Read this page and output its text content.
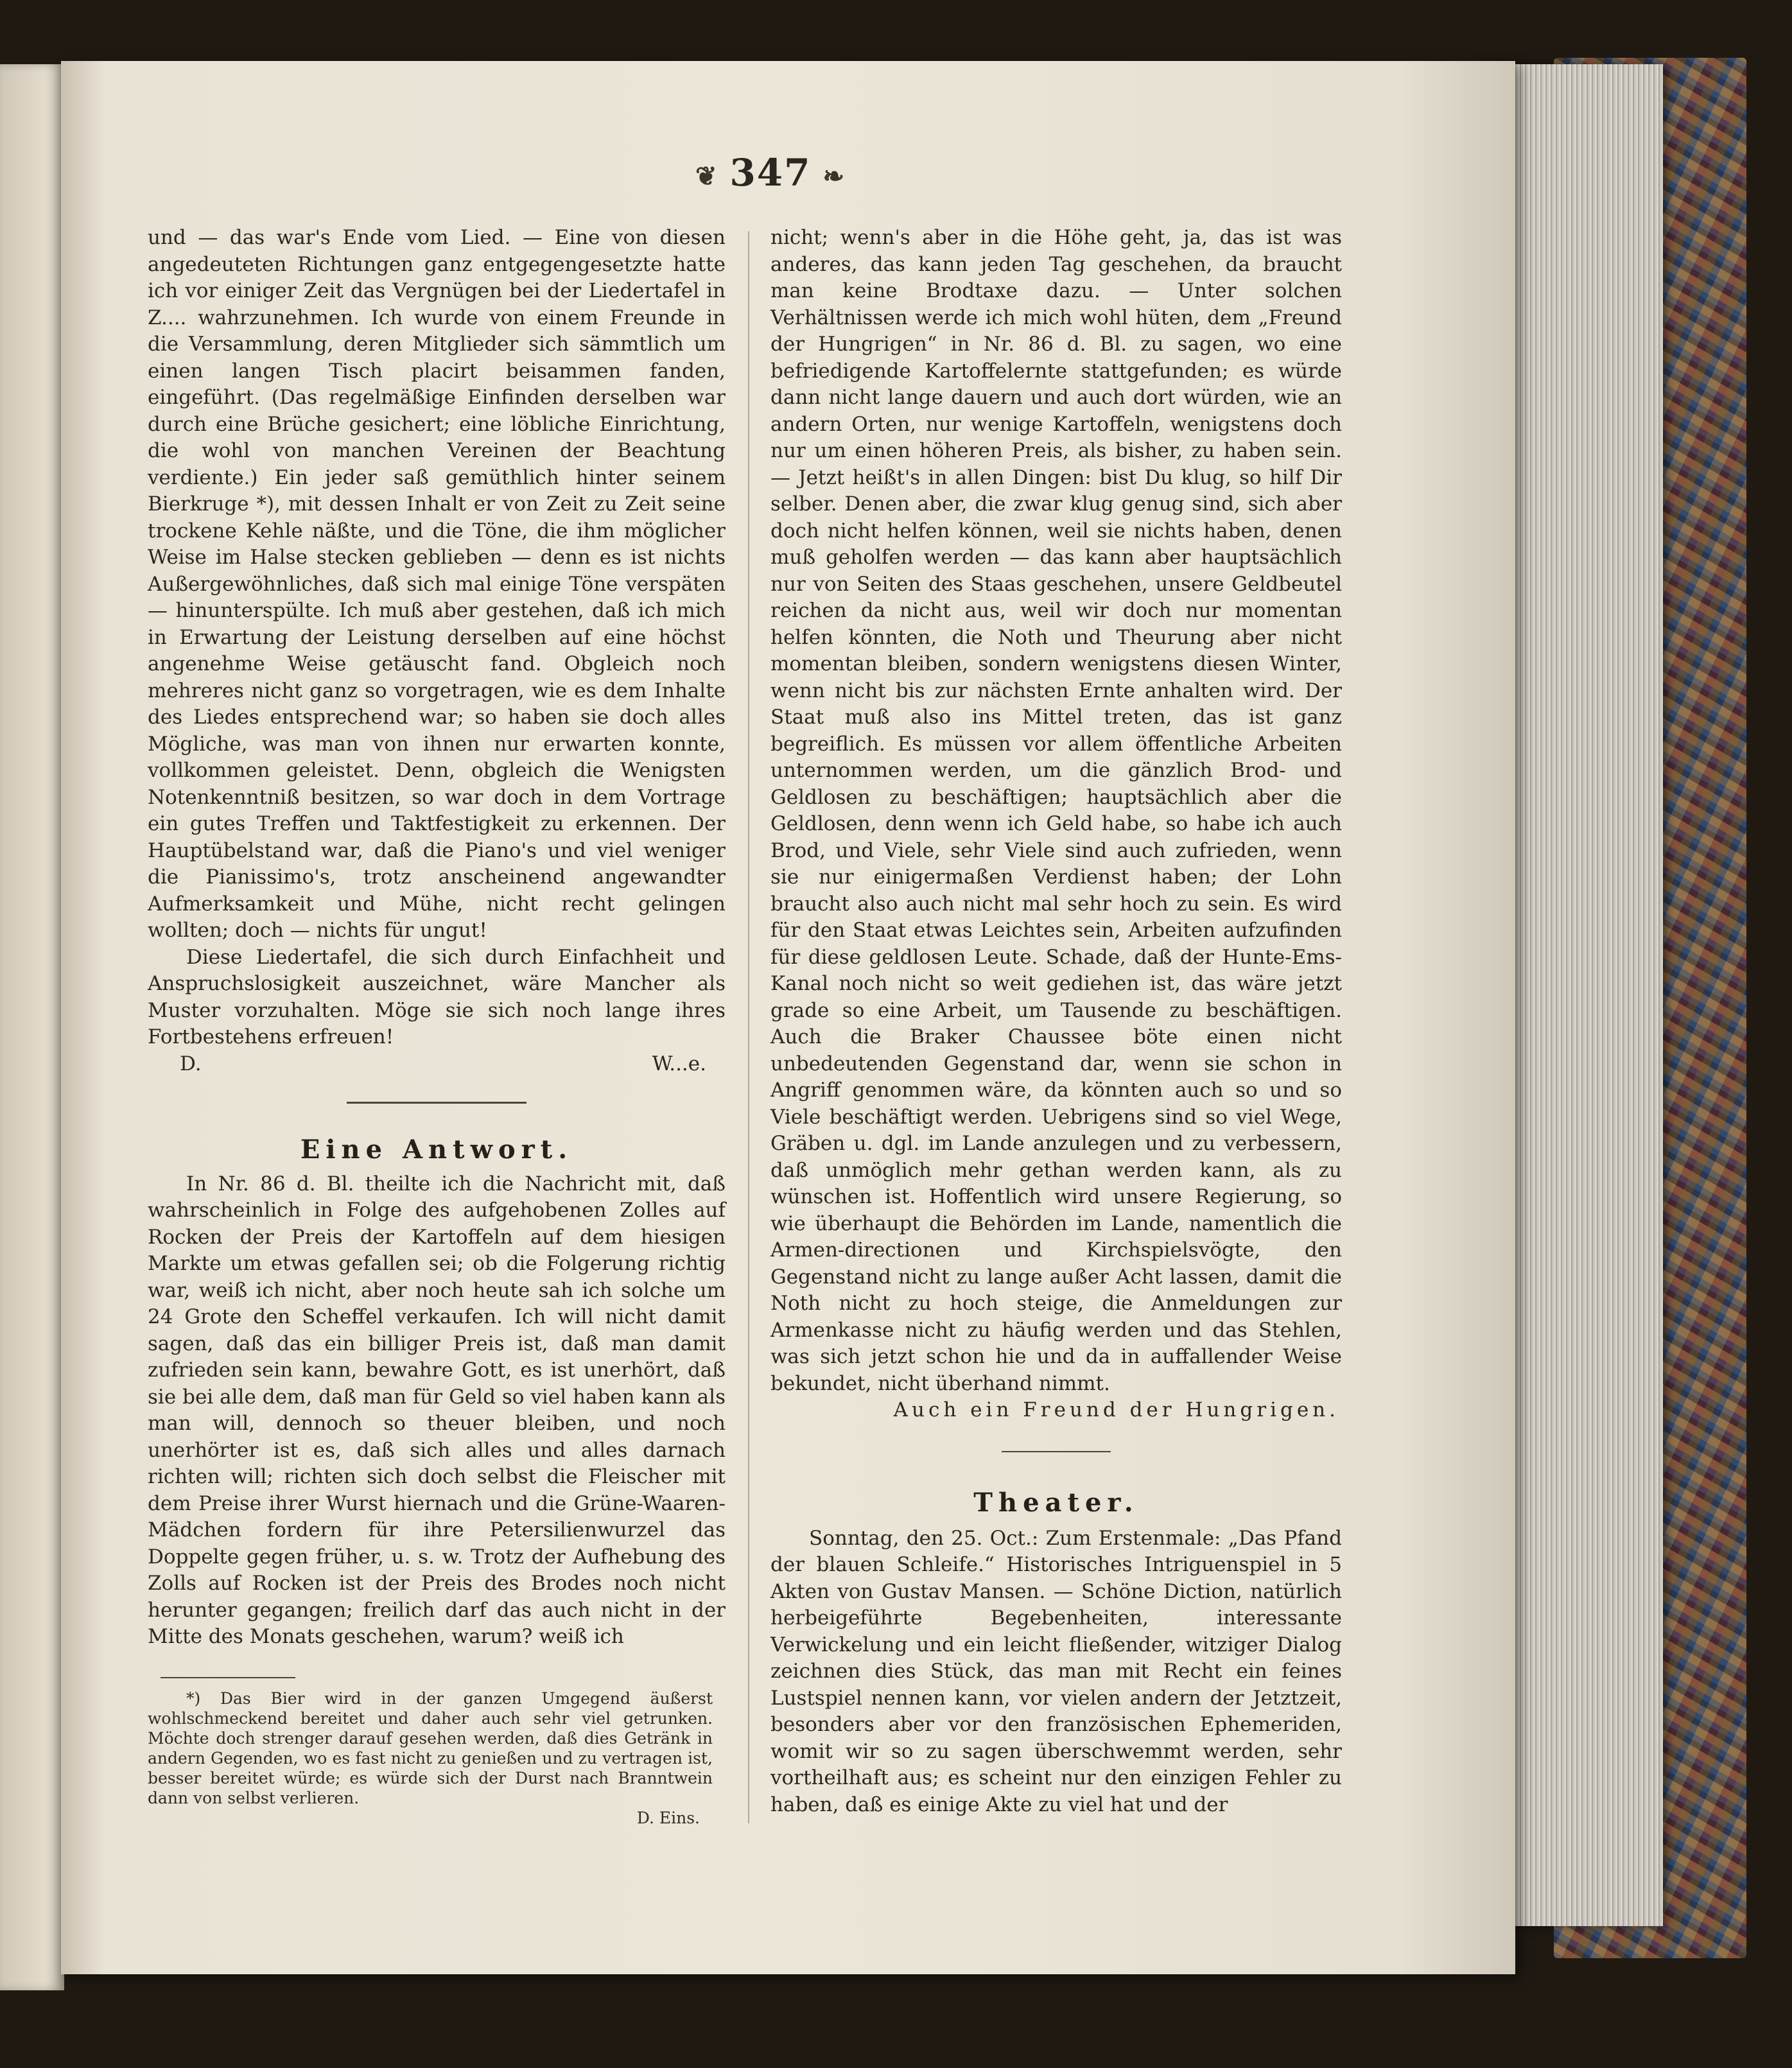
❦ 347 ❧

und — das war's Ende vom Lied. — Eine von diesen angedeuteten Richtungen ganz entgegengesetzte hatte ich vor einiger Zeit das Vergnügen bei der Liedertafel in Z.... wahrzunehmen. Ich wurde von einem Freunde in die Versammlung, deren Mitglieder sich sämmtlich um einen langen Tisch placirt beisammen fanden, eingeführt. (Das regelmäßige Einfinden derselben war durch eine Brüche gesichert; eine löbliche Einrichtung, die wohl von manchen Vereinen der Beachtung verdiente.) Ein jeder saß gemüthlich hinter seinem Bierkruge *), mit dessen Inhalt er von Zeit zu Zeit seine trockene Kehle näßte, und die Töne, die ihm möglicher Weise im Halse stecken geblieben — denn es ist nichts Außergewöhnliches, daß sich mal einige Töne verspäten — hinunterspülte. Ich muß aber gestehen, daß ich mich in Erwartung der Leistung derselben auf eine höchst angenehme Weise getäuscht fand. Obgleich noch mehreres nicht ganz so vorgetragen, wie es dem Inhalte des Liedes entsprechend war; so haben sie doch alles Mögliche, was man von ihnen nur erwarten konnte, vollkommen geleistet. Denn, obgleich die Wenigsten Notenkenntniß besitzen, so war doch in dem Vortrage ein gutes Treffen und Taktfestigkeit zu erkennen. Der Hauptübelstand war, daß die Piano's und viel weniger die Pianissimo's, trotz anscheinend angewandter Aufmerksamkeit und Mühe, nicht recht gelingen wollten; doch — nichts für ungut!

Diese Liedertafel, die sich durch Einfachheit und Anspruchslosigkeit auszeichnet, wäre Mancher als Muster vorzuhalten. Möge sie sich noch lange ihres Fortbestehens erfreuen!

D.	W...e.

Eine Antwort.

In Nr. 86 d. Bl. theilte ich die Nachricht mit, daß wahrscheinlich in Folge des aufgehobenen Zolles auf Rocken der Preis der Kartoffeln auf dem hiesigen Markte um etwas gefallen sei; ob die Folgerung richtig war, weiß ich nicht, aber noch heute sah ich solche um 24 Grote den Scheffel verkaufen. Ich will nicht damit sagen, daß das ein billiger Preis ist, daß man damit zufrieden sein kann, bewahre Gott, es ist unerhört, daß sie bei alle dem, daß man für Geld so viel haben kann als man will, dennoch so theuer bleiben, und noch unerhörter ist es, daß sich alles und alles darnach richten will; richten sich doch selbst die Fleischer mit dem Preise ihrer Wurst hiernach und die Grüne-Waaren-Mädchen fordern für ihre Petersilienwurzel das Doppelte gegen früher, u. s. w. Trotz der Aufhebung des Zolls auf Rocken ist der Preis des Brodes noch nicht herunter gegangen; freilich darf das auch nicht in der Mitte des Monats geschehen, warum? weiß ich

*) Das Bier wird in der ganzen Umgegend äußerst wohlschmeckend bereitet und daher auch sehr viel getrunken. Möchte doch strenger darauf gesehen werden, daß dies Getränk in andern Gegenden, wo es fast nicht zu genießen und zu vertragen ist, besser bereitet würde; es würde sich der Durst nach Branntwein dann von selbst verlieren.

D. Eins.

nicht; wenn's aber in die Höhe geht, ja, das ist was anderes, das kann jeden Tag geschehen, da braucht man keine Brodtaxe dazu. — Unter solchen Verhältnissen werde ich mich wohl hüten, dem „Freund der Hungrigen“ in Nr. 86 d. Bl. zu sagen, wo eine befriedigende Kartoffelernte stattgefunden; es würde dann nicht lange dauern und auch dort würden, wie an andern Orten, nur wenige Kartoffeln, wenigstens doch nur um einen höheren Preis, als bisher, zu haben sein. — Jetzt heißt's in allen Dingen: bist Du klug, so hilf Dir selber. Denen aber, die zwar klug genug sind, sich aber doch nicht helfen können, weil sie nichts haben, denen muß geholfen werden — das kann aber hauptsächlich nur von Seiten des Staas geschehen, unsere Geldbeutel reichen da nicht aus, weil wir doch nur momentan helfen könnten, die Noth und Theurung aber nicht momentan bleiben, sondern wenigstens diesen Winter, wenn nicht bis zur nächsten Ernte anhalten wird. Der Staat muß also ins Mittel treten, das ist ganz begreiflich. Es müssen vor allem öffentliche Arbeiten unternommen werden, um die gänzlich Brod- und Geldlosen zu beschäftigen; hauptsächlich aber die Geldlosen, denn wenn ich Geld habe, so habe ich auch Brod, und Viele, sehr Viele sind auch zufrieden, wenn sie nur einigermaßen Verdienst haben; der Lohn braucht also auch nicht mal sehr hoch zu sein. Es wird für den Staat etwas Leichtes sein, Arbeiten aufzufinden für diese geldlosen Leute. Schade, daß der Hunte-Ems-Kanal noch nicht so weit gediehen ist, das wäre jetzt grade so eine Arbeit, um Tausende zu beschäftigen. Auch die Braker Chaussee böte einen nicht unbedeutenden Gegenstand dar, wenn sie schon in Angriff genommen wäre, da könnten auch so und so Viele beschäftigt werden. Uebrigens sind so viel Wege, Gräben u. dgl. im Lande anzulegen und zu verbessern, daß unmöglich mehr gethan werden kann, als zu wünschen ist. Hoffentlich wird unsere Regierung, so wie überhaupt die Behörden im Lande, namentlich die Armen-directionen und Kirchspielsvögte, den Gegenstand nicht zu lange außer Acht lassen, damit die Noth nicht zu hoch steige, die Anmeldungen zur Armenkasse nicht zu häufig werden und das Stehlen, was sich jetzt schon hie und da in auffallender Weise bekundet, nicht überhand nimmt.

Auch ein Freund der Hungrigen.

Theater.

Sonntag, den 25. Oct.: Zum Erstenmale: „Das Pfand der blauen Schleife.“ Historisches Intriguenspiel in 5 Akten von Gustav Mansen. — Schöne Diction, natürlich herbeigeführte Begebenheiten, interessante Verwickelung und ein leicht fließender, witziger Dialog zeichnen dies Stück, das man mit Recht ein feines Lustspiel nennen kann, vor vielen andern der Jetztzeit, besonders aber vor den französischen Ephemeriden, womit wir so zu sagen überschwemmt werden, sehr vortheilhaft aus; es scheint nur den einzigen Fehler zu haben, daß es einige Akte zu viel hat und der
